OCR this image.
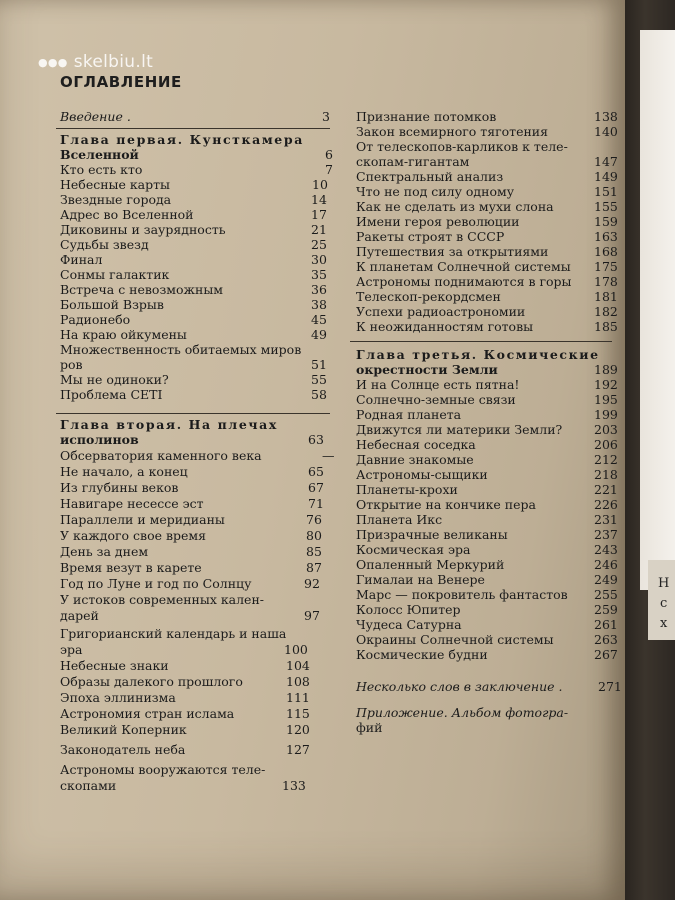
Н
с
х
●●● skelbiu.lt
ОГЛАВЛЕНИЕ
Введение .	3
Глава первая. Кунсткамера
Вселенной	6
Кто есть кто	7
Небесные карты	10
Звездные города	14
Адрес во Вселенной	17
Диковины и заурядность	21
Судьбы звезд	25
Финал	30
Сонмы галактик	35
Встреча с невозможным	36
Большой Взрыв	38
Радионебо	45
На краю ойкумены	49
Множественность обитаемых миров
ров	51
Мы не одиноки?	55
Проблема CETI	58
Глава вторая. На плечах
исполинов	63
Обсерватория каменного века	—
Не начало, а конец	65
Из глубины веков	67
Навигаре несессе эст	71
Параллели и меридианы	76
У каждого свое время	80
День за днем	85
Время везут в карете	87
Год по Луне и год по Солнцу	92
У истоков современных кален-
дарей	97
Григорианский календарь и наша
эра	100
Небесные знаки	104
Образы далекого прошлого	108
Эпоха эллинизма	111
Астрономия стран ислама	115
Великий Коперник	120
Законодатель неба	127
Астрономы вооружаются теле-
скопами	133
Признание потомков	138
Закон всемирного тяготения	140
От телескопов-карликов к теле-
скопам-гигантам	147
Спектральный анализ	149
Что не под силу одному	151
Как не сделать из мухи слона	155
Имени героя революции	159
Ракеты строят в СССР	163
Путешествия за открытиями	168
К планетам Солнечной системы 175
Астрономы поднимаются в горы 178
Телескоп-рекордсмен	181
Успехи радиоастрономии	182
К неожиданностям готовы	185
Глава третья. Космические
окрестности Земли	189
И на Солнце есть пятна!	192
Солнечно-земные связи	195
Родная планета	199
Движутся ли материки Земли?	203
Небесная соседка	206
Давние знакомые	212
Астрономы-сыщики	218
Планеты-крохи	221
Открытие на кончике пера	226
Планета Икс	231
Призрачные великаны	237
Космическая эра	243
Опаленный Меркурий	246
Гималаи на Венере	249
Марс — покровитель фантастов 255
Колосс Юпитер	259
Чудеса Сатурна	261
Окраины Солнечной системы	263
Космические будни	267
Несколько слов в заключение .	271
Приложение. Альбом фотогра-
фий
